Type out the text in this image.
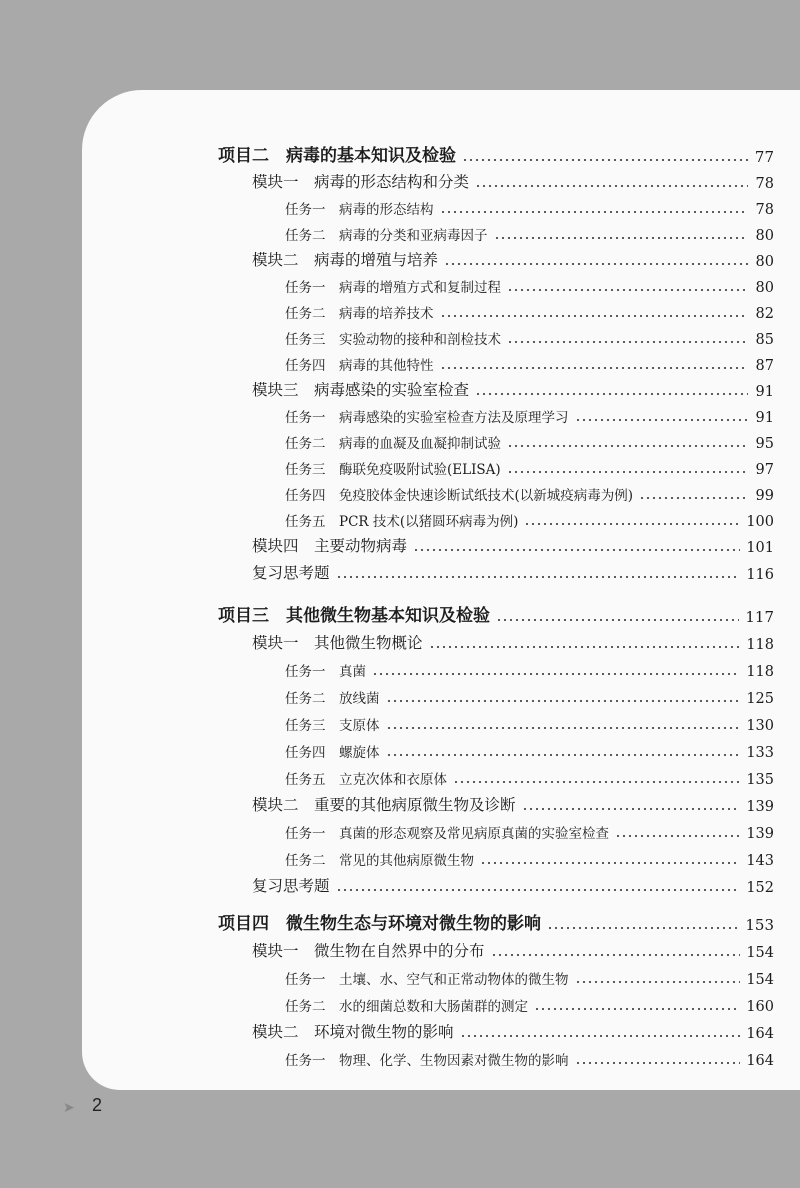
项目二　病毒的基本知识及检验	77
模块一　病毒的形态结构和分类	78
任务一　病毒的形态结构	78
任务二　病毒的分类和亚病毒因子	80
模块二　病毒的增殖与培养	80
任务一　病毒的增殖方式和复制过程	80
任务二　病毒的培养技术	82
任务三　实验动物的接种和剖检技术	85
任务四　病毒的其他特性	87
模块三　病毒感染的实验室检查	91
任务一　病毒感染的实验室检查方法及原理学习	91
任务二　病毒的血凝及血凝抑制试验	95
任务三　酶联免疫吸附试验(ELISA)	97
任务四　免疫胶体金快速诊断试纸技术(以新城疫病毒为例)	99
任务五　PCR 技术(以猪圆环病毒为例)	100
模块四　主要动物病毒	101
复习思考题	116
项目三　其他微生物基本知识及检验	117
模块一　其他微生物概论	118
任务一　真菌	118
任务二　放线菌	125
任务三　支原体	130
任务四　螺旋体	133
任务五　立克次体和衣原体	135
模块二　重要的其他病原微生物及诊断	139
任务一　真菌的形态观察及常见病原真菌的实验室检查	139
任务二　常见的其他病原微生物	143
复习思考题	152
项目四　微生物生态与环境对微生物的影响	153
模块一　微生物在自然界中的分布	154
任务一　土壤、水、空气和正常动物体的微生物	154
任务二　水的细菌总数和大肠菌群的测定	160
模块二　环境对微生物的影响	164
任务一　物理、化学、生物因素对微生物的影响	164
➤ 2
